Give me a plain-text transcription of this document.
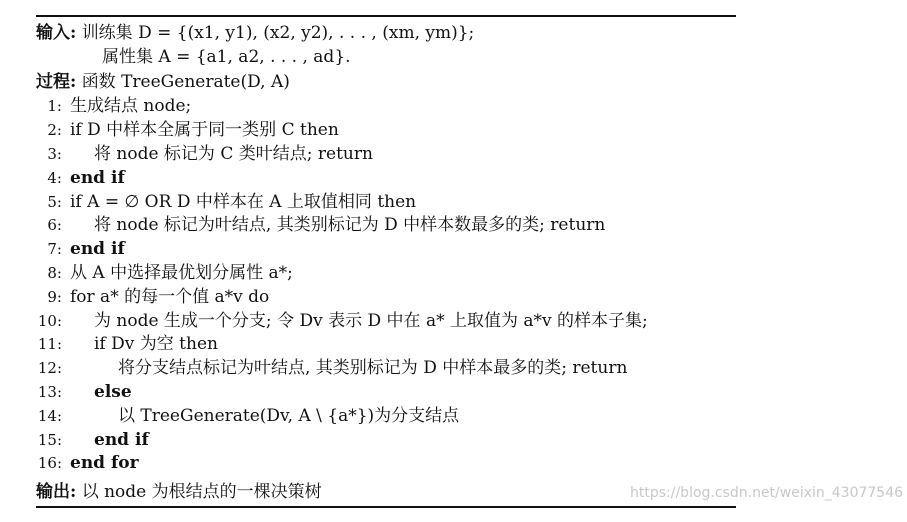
输入: 训练集 D = {(x1, y1), (x2, y2), . . . , (xm, ym)};
属性集 A = {a1, a2, . . . , ad}.
过程: 函数 TreeGenerate(D, A)
1: 生成结点 node;
2: if D 中样本全属于同一类别 C then
3: 将 node 标记为 C 类叶结点; return
4: end if
5: if A = ∅ OR D 中样本在 A 上取值相同 then
6: 将 node 标记为叶结点, 其类别标记为 D 中样本数最多的类; return
7: end if
8: 从 A 中选择最优划分属性 a*;
9: for a* 的每一个值 a*v do
10: 为 node 生成一个分支; 令 Dv 表示 D 中在 a* 上取值为 a*v 的样本子集;
11: if Dv 为空 then
12:	将分支结点标记为叶结点, 其类别标记为 D 中样本最多的类; return
13: else
14:	以 TreeGenerate(Dv, A \ {a*})为分支结点
15: end if
16: end for
输出: 以 node 为根结点的一棵决策树	https://blog.csdn.net/weixin_43077546
